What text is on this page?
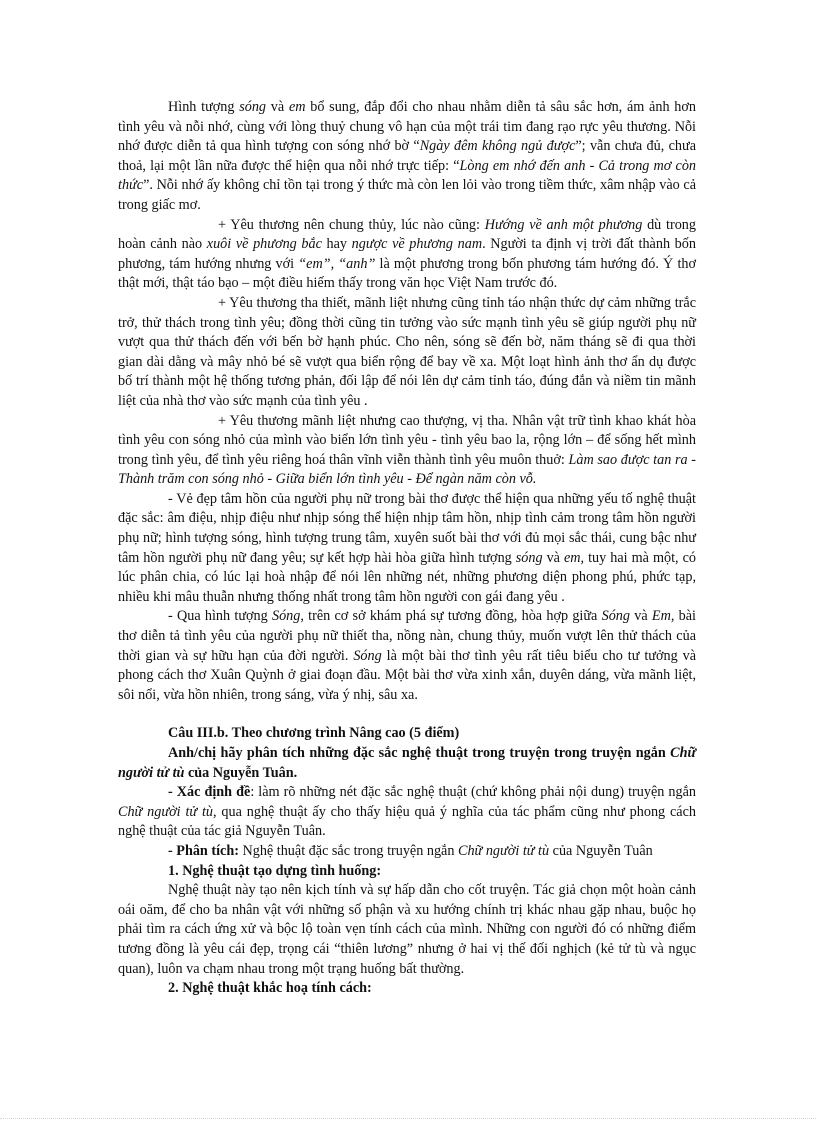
Hình tượng sóng và em bổ sung, đắp đổi cho nhau nhằm diễn tả sâu sắc hơn, ám ảnh hơn tình yêu và nỗi nhớ, cùng với lòng thuỷ chung vô hạn của một trái tim đang rạo rực yêu thương. Nỗi nhớ được diễn tả qua hình tượng con sóng nhớ bờ “Ngày đêm không ngủ được”; vẫn chưa đủ, chưa thoả, lại một lần nữa được thể hiện qua nỗi nhớ trực tiếp: “Lòng em nhớ đến anh - Cả trong mơ còn thức”. Nỗi nhớ ấy không chỉ tồn tại trong ý thức mà còn len lỏi vào trong tiềm thức, xâm nhập vào cả trong giấc mơ.

+ Yêu thương nên chung thủy, lúc nào cũng: Hướng về anh một phương dù trong hoàn cảnh nào xuôi về phương bắc hay ngược về phương nam. Người ta định vị trời đất thành bốn phương, tám hướng nhưng với “em”, “anh” là một phương trong bốn phương tám hướng đó. Ý thơ thật mới, thật táo bạo – một điều hiếm thấy trong văn học Việt Nam trước đó.

+ Yêu thương tha thiết, mãnh liệt nhưng cũng tỉnh táo nhận thức dự cảm những trắc trở, thử thách trong tình yêu; đồng thời cũng tin tưởng vào sức mạnh tình yêu sẽ giúp người phụ nữ vượt qua thử thách đến với bến bờ hạnh phúc. Cho nên, sóng sẽ đến bờ, năm tháng sẽ đi qua thời gian dài dằng và mây nhỏ bé sẽ vượt qua biển rộng để bay về xa. Một loạt hình ảnh thơ ẩn dụ được bố trí thành một hệ thống tương phản, đối lập để nói lên dự cảm tỉnh táo, đúng đắn và niềm tin mãnh liệt của nhà thơ vào sức mạnh của tình yêu .

+ Yêu thương mãnh liệt nhưng cao thượng, vị tha. Nhân vật trữ tình khao khát hòa tình yêu con sóng nhỏ của mình vào biển lớn tình yêu - tình yêu bao la, rộng lớn – để sống hết mình trong tình yêu, để tình yêu riêng hoá thân vĩnh viễn thành tình yêu muôn thuở: Làm sao được tan ra -Thành trăm con sóng nhỏ - Giữa biển lớn tình yêu - Để ngàn năm còn vỗ.

- Vẻ đẹp tâm hồn của người phụ nữ trong bài thơ được thể hiện qua những yếu tố nghệ thuật đặc sắc: âm điệu, nhịp điệu như nhịp sóng thể hiện nhịp tâm hồn, nhịp tình cảm trong tâm hồn người phụ nữ; hình tượng sóng, hình tượng trung tâm, xuyên suốt bài thơ với đủ mọi sắc thái, cung bậc như tâm hồn người phụ nữ đang yêu; sự kết hợp hài hòa giữa hình tượng sóng và em, tuy hai mà một, có lúc phân chia, có lúc lại hoà nhập để nói lên những nét, những phương diện phong phú, phức tạp, nhiều khi mâu thuẫn nhưng thống nhất trong tâm hồn người con gái đang yêu .

- Qua hình tượng Sóng, trên cơ sở khám phá sự tương đồng, hòa hợp giữa Sóng và Em, bài thơ diễn tả tình yêu của người phụ nữ thiết tha, nồng nàn, chung thủy, muốn vượt lên thử thách của thời gian và sự hữu hạn của đời người. Sóng là một bài thơ tình yêu rất tiêu biểu cho tư tưởng và phong cách thơ Xuân Quỳnh ở giai đoạn đầu. Một bài thơ vừa xinh xắn, duyên dáng, vừa mãnh liệt, sôi nổi, vừa hồn nhiên, trong sáng, vừa ý nhị, sâu xa.

Câu III.b. Theo chương trình Nâng cao (5 điểm)

Anh/chị hãy phân tích những đặc sắc nghệ thuật trong truyện trong truyện ngắn Chữ người tử tù của Nguyễn Tuân.

- Xác định đề: làm rõ những nét đặc sắc nghệ thuật (chứ không phải nội dung) truyện ngắn Chữ người tử tù, qua nghệ thuật ấy cho thấy hiệu quả ý nghĩa của tác phẩm cũng như phong cách nghệ thuật của tác giả Nguyễn Tuân.

- Phân tích: Nghệ thuật đặc sắc trong truyện ngắn Chữ người tử tù của Nguyễn Tuân

1. Nghệ thuật tạo dựng tình huống:

Nghệ thuật này tạo nên kịch tính và sự hấp dẫn cho cốt truyện. Tác giả chọn một hoàn cảnh oái oăm, để cho ba nhân vật với những số phận và xu hướng chính trị khác nhau gặp nhau, buộc họ phải tìm ra cách ứng xử và bộc lộ toàn vẹn tính cách của mình. Những con người đó có những điểm tương đồng là yêu cái đẹp, trọng cái “thiên lương” nhưng ở hai vị thế đối nghịch (kẻ tử tù và ngục quan), luôn va chạm nhau trong một trạng huống bất thường.

2. Nghệ thuật khắc hoạ tính cách:
